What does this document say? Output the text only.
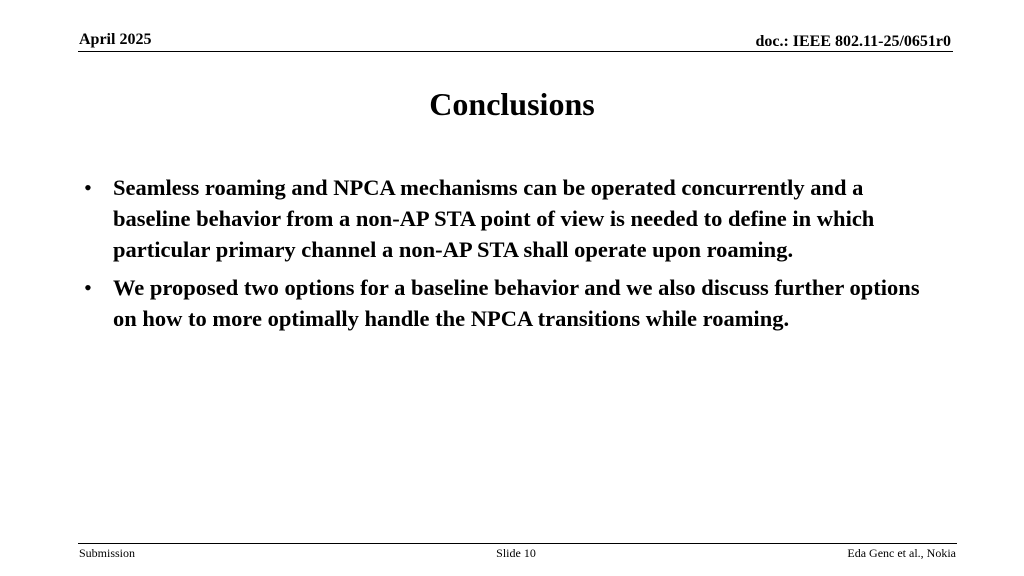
April 2025	doc.: IEEE 802.11-25/0651r0
Conclusions
• Seamless roaming and NPCA mechanisms can be operated concurrently and a baseline behavior from a non-AP STA point of view is needed to define in which particular primary channel a non-AP STA shall operate upon roaming.
• We proposed two options for a baseline behavior and we also discuss further options on how to more optimally handle the NPCA transitions while roaming.
Submission	Slide 10	Eda Genc et al., Nokia
